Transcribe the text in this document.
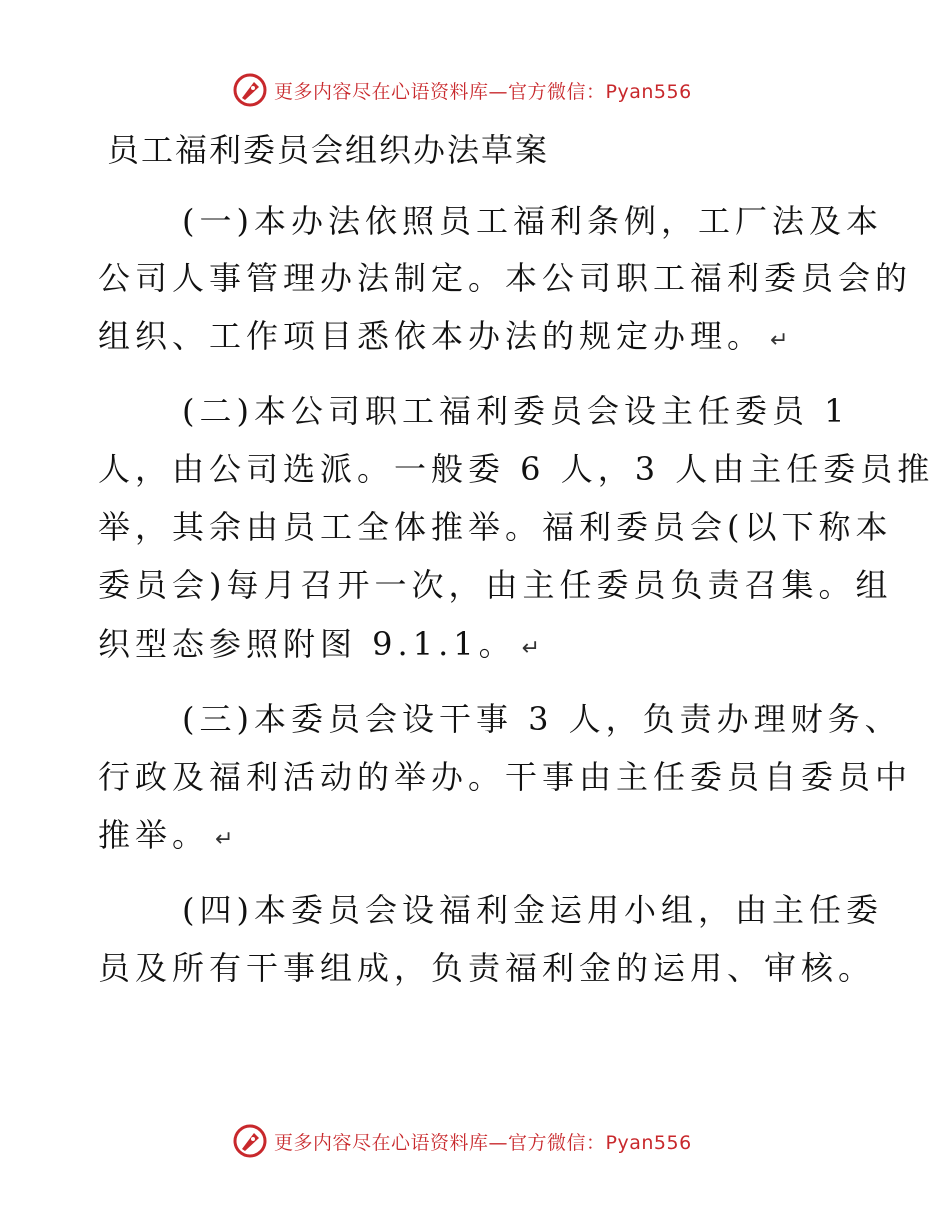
更多内容尽在心语资料库—官方微信：Pyan556
员工福利委员会组织办法草案
(一)本办法依照员工福利条例，工厂法及本
公司人事管理办法制定。本公司职工福利委员会的
组织、工作项目悉依本办法的规定办理。 ↵
(二)本公司职工福利委员会设主任委员 1
人，由公司选派。一般委 6 人，3 人由主任委员推
举，其余由员工全体推举。福利委员会(以下称本
委员会)每月召开一次，由主任委员负责召集。组
织型态参照附图 9.1.1。 ↵
(三)本委员会设干事 3 人，负责办理财务、
行政及福利活动的举办。干事由主任委员自委员中
推举。 ↵
(四)本委员会设福利金运用小组，由主任委
员及所有干事组成，负责福利金的运用、审核。
更多内容尽在心语资料库—官方微信：Pyan556
